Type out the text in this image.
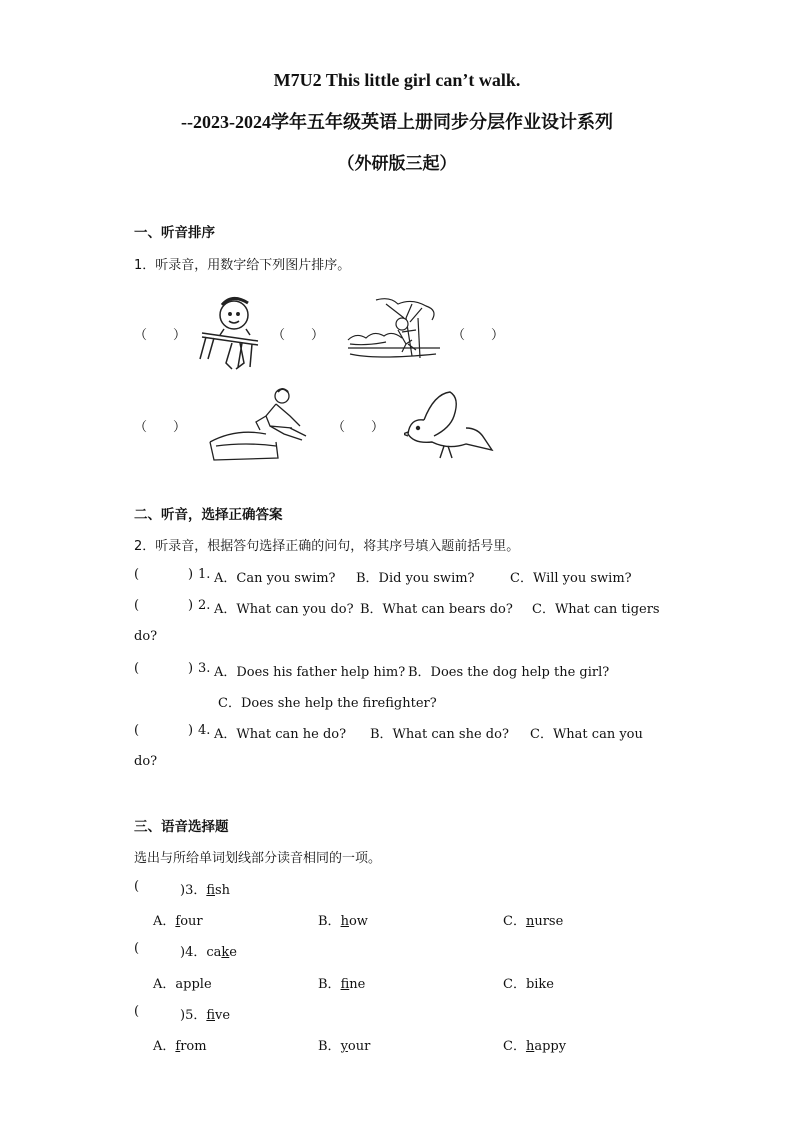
M7U2 This little girl can’t walk.
--2023-2024学年五年级英语上册同步分层作业设计系列
（外研版三起）
一、听音排序
1．听录音，用数字给下列图片排序。
（　　）	（　　）	（　　）
（　　）	（　　）
二、听音，选择正确答案
2．听录音，根据答句选择正确的问句，将其序号填入题前括号里。
(	) 1. A．Can you swim? B．Did you swim?	C．Will you swim?
(	) 2. A．What can you do? B．What can bears do? C．What can tigers
do?
(	) 3. A．Does his father help him? B．Does the dog help the girl?
C．Does she help the firefighter?
(	) 4. A．What can he do? B．What can she do? C．What can you
do?
三、语音选择题
选出与所给单词划线部分读音相同的一项。
(	)3．fish
A．four	B．how	C．nurse
(	)4．cake
A．apple	B．fine	C．bike
(	)5．five
A．from	B．your	C．happy
